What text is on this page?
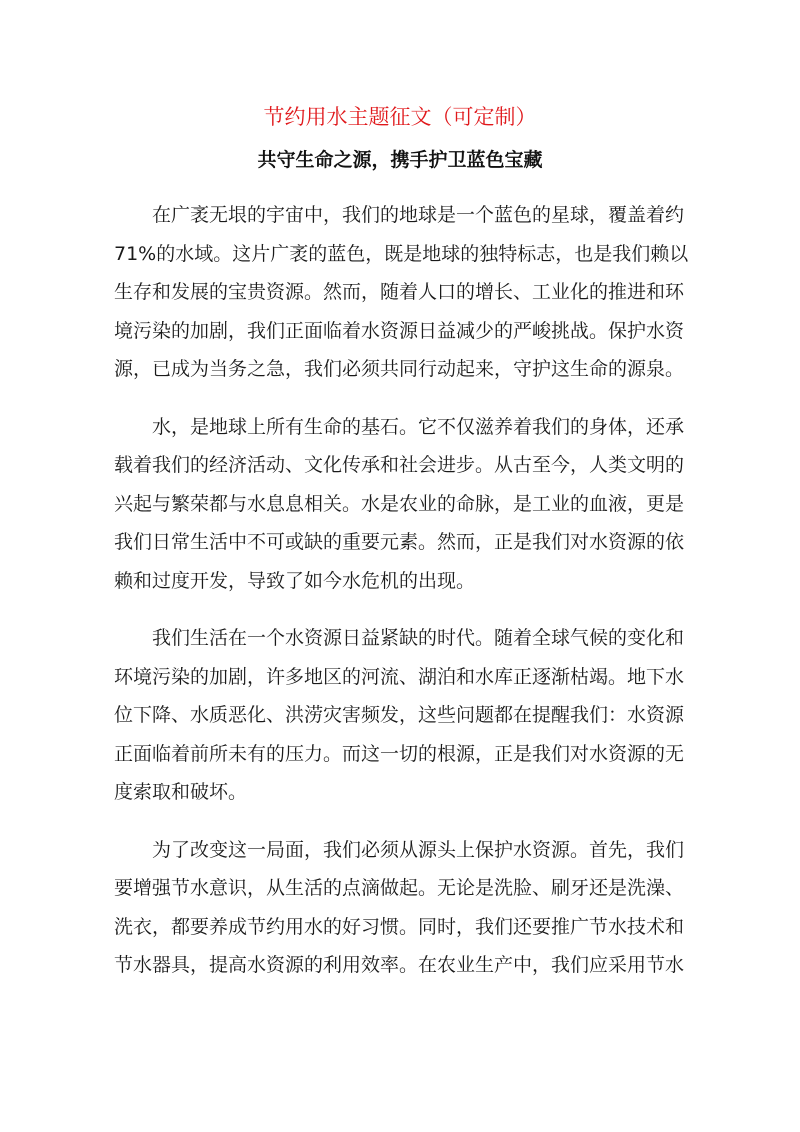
节约用水主题征文（可定制）
共守生命之源，携手护卫蓝色宝藏
在广袤无垠的宇宙中，我们的地球是一个蓝色的星球，覆盖着约
71%的水域。这片广袤的蓝色，既是地球的独特标志，也是我们赖以
生存和发展的宝贵资源。然而，随着人口的增长、工业化的推进和环
境污染的加剧，我们正面临着水资源日益减少的严峻挑战。保护水资
源，已成为当务之急，我们必须共同行动起来，守护这生命的源泉。
水，是地球上所有生命的基石。它不仅滋养着我们的身体，还承
载着我们的经济活动、文化传承和社会进步。从古至今，人类文明的
兴起与繁荣都与水息息相关。水是农业的命脉，是工业的血液，更是
我们日常生活中不可或缺的重要元素。然而，正是我们对水资源的依
赖和过度开发，导致了如今水危机的出现。
我们生活在一个水资源日益紧缺的时代。随着全球气候的变化和
环境污染的加剧，许多地区的河流、湖泊和水库正逐渐枯竭。地下水
位下降、水质恶化、洪涝灾害频发，这些问题都在提醒我们：水资源
正面临着前所未有的压力。而这一切的根源，正是我们对水资源的无
度索取和破坏。
为了改变这一局面，我们必须从源头上保护水资源。首先，我们
要增强节水意识，从生活的点滴做起。无论是洗脸、刷牙还是洗澡、
洗衣，都要养成节约用水的好习惯。同时，我们还要推广节水技术和
节水器具，提高水资源的利用效率。在农业生产中，我们应采用节水
